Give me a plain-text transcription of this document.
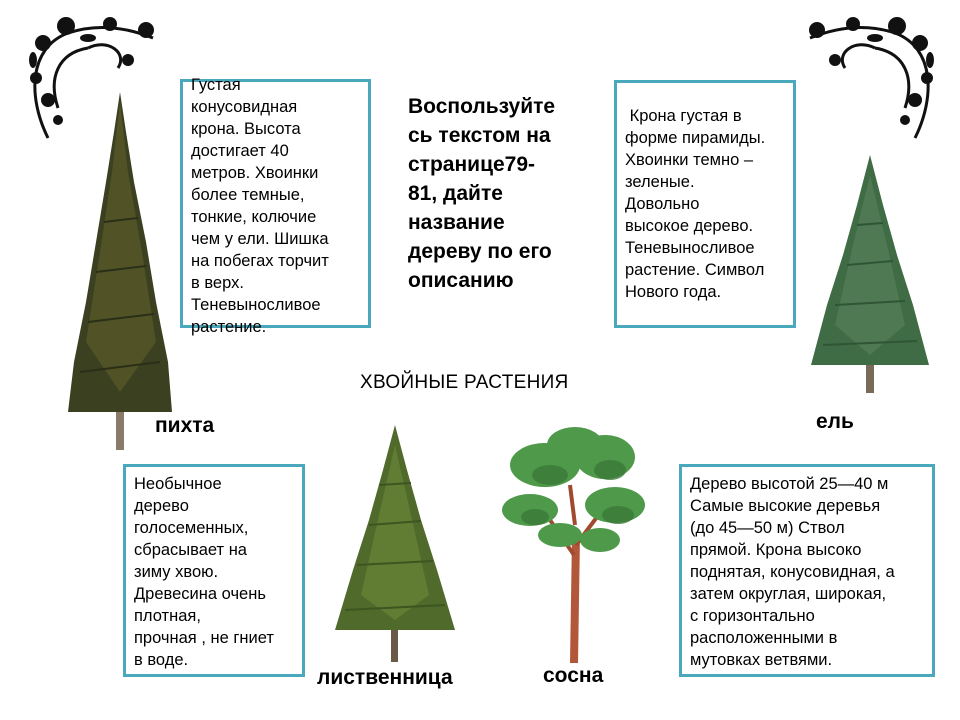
Густая
конусовидная
крона. Высота
достигает 40
метров. Хвоинки
более темные,
тонкие, колючие
чем у ели. Шишка
на побегах торчит
в верх.
Теневыносливое
растение.
Крона густая в
форме пирамиды.
Хвоинки темно –
зеленые.
Довольно
высокое дерево.
Теневыносливое
растение. Символ
Нового года.
Необычное
дерево
голосеменных,
сбрасывает на
зиму хвою.
Древесина очень
плотная,
прочная , не гниет
в воде.
Дерево высотой 25—40 м
Самые высокие деревья
(до 45—50 м) Ствол
прямой. Крона высоко
поднятая, конусовидная, а
затем округлая, широкая,
с горизонтально
расположенными в
мутовках ветвями.
Воспользуйте
сь текстом на
странице79-
81, дайте
название
дереву по его
описанию
ХВОЙНЫЕ РАСТЕНИЯ
пихта	ель
лиственница	сосна
